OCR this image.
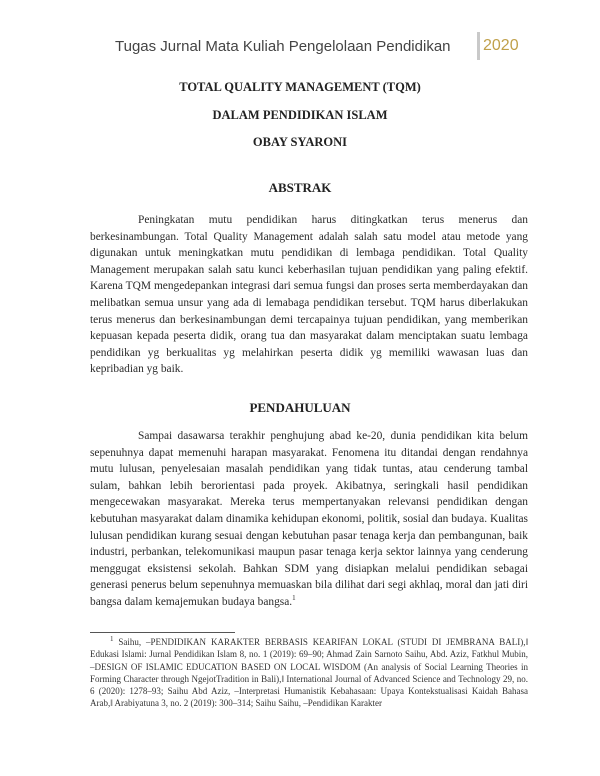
Tugas Jurnal Mata Kuliah Pengelolaan Pendidikan 2020
TOTAL QUALITY MANAGEMENT (TQM)
DALAM PENDIDIKAN ISLAM
OBAY SYARONI
ABSTRAK

Peningkatan mutu pendidikan harus ditingkatkan terus menerus dan berkesinambungan. Total Quality Management adalah salah satu model atau metode yang digunakan untuk meningkatkan mutu pendidikan di lembaga pendidikan. Total Quality Management merupakan salah satu kunci keberhasilan tujuan pendidikan yang paling efektif. Karena TQM mengedepankan integrasi dari semua fungsi dan proses serta memberdayakan dan melibatkan semua unsur yang ada di lemabaga pendidikan tersebut. TQM harus diberlakukan terus menerus dan berkesinambungan demi tercapainya tujuan pendidikan, yang memberikan kepuasan kepada peserta didik, orang tua dan masyarakat dalam menciptakan suatu lembaga pendidikan yg berkualitas yg melahirkan peserta didik yg memiliki wawasan luas dan kepribadian yg baik.

PENDAHULUAN

Sampai dasawarsa terakhir penghujung abad ke-20, dunia pendidikan kita belum sepenuhnya dapat memenuhi harapan masyarakat. Fenomena itu ditandai dengan rendahnya mutu lulusan, penyelesaian masalah pendidikan yang tidak tuntas, atau cenderung tambal sulam, bahkan lebih berorientasi pada proyek. Akibatnya, seringkali hasil pendidikan mengecewakan masyarakat. Mereka terus mempertanyakan relevansi pendidikan dengan kebutuhan masyarakat dalam dinamika kehidupan ekonomi, politik, sosial dan budaya. Kualitas lulusan pendidikan kurang sesuai dengan kebutuhan pasar tenaga kerja dan pembangunan, baik industri, perbankan, telekomunikasi maupun pasar tenaga kerja sektor lainnya yang cenderung menggugat eksistensi sekolah. Bahkan SDM yang disiapkan melalui pendidikan sebagai generasi penerus belum sepenuhnya memuaskan bila dilihat dari segi akhlaq, moral dan jati diri bangsa dalam kemajemukan budaya bangsa.$^1$

$^1$ Saihu, –PENDIDIKAN KARAKTER BERBASIS KEARIFAN LOKAL (STUDI DI JEMBRANA BALI),‖ Edukasi Islami: Jurnal Pendidikan Islam 8, no. 1 (2019): 69–90; Ahmad Zain Sarnoto Saihu, Abd. Aziz, Fatkhul Mubin, –DESIGN OF ISLAMIC EDUCATION BASED ON LOCAL WISDOM (An analysis of Social Learning Theories in Forming Character through NgejotTradition in Bali),‖ International Journal of Advanced Science and Technology 29, no. 6 (2020): 1278–93; Saihu Abd Aziz, –Interpretasi Humanistik Kebahasaan: Upaya Kontekstualisasi Kaidah Bahasa Arab,‖ Arabiyatuna 3, no. 2 (2019): 300–314; Saihu Saihu, –Pendidikan Karakter
